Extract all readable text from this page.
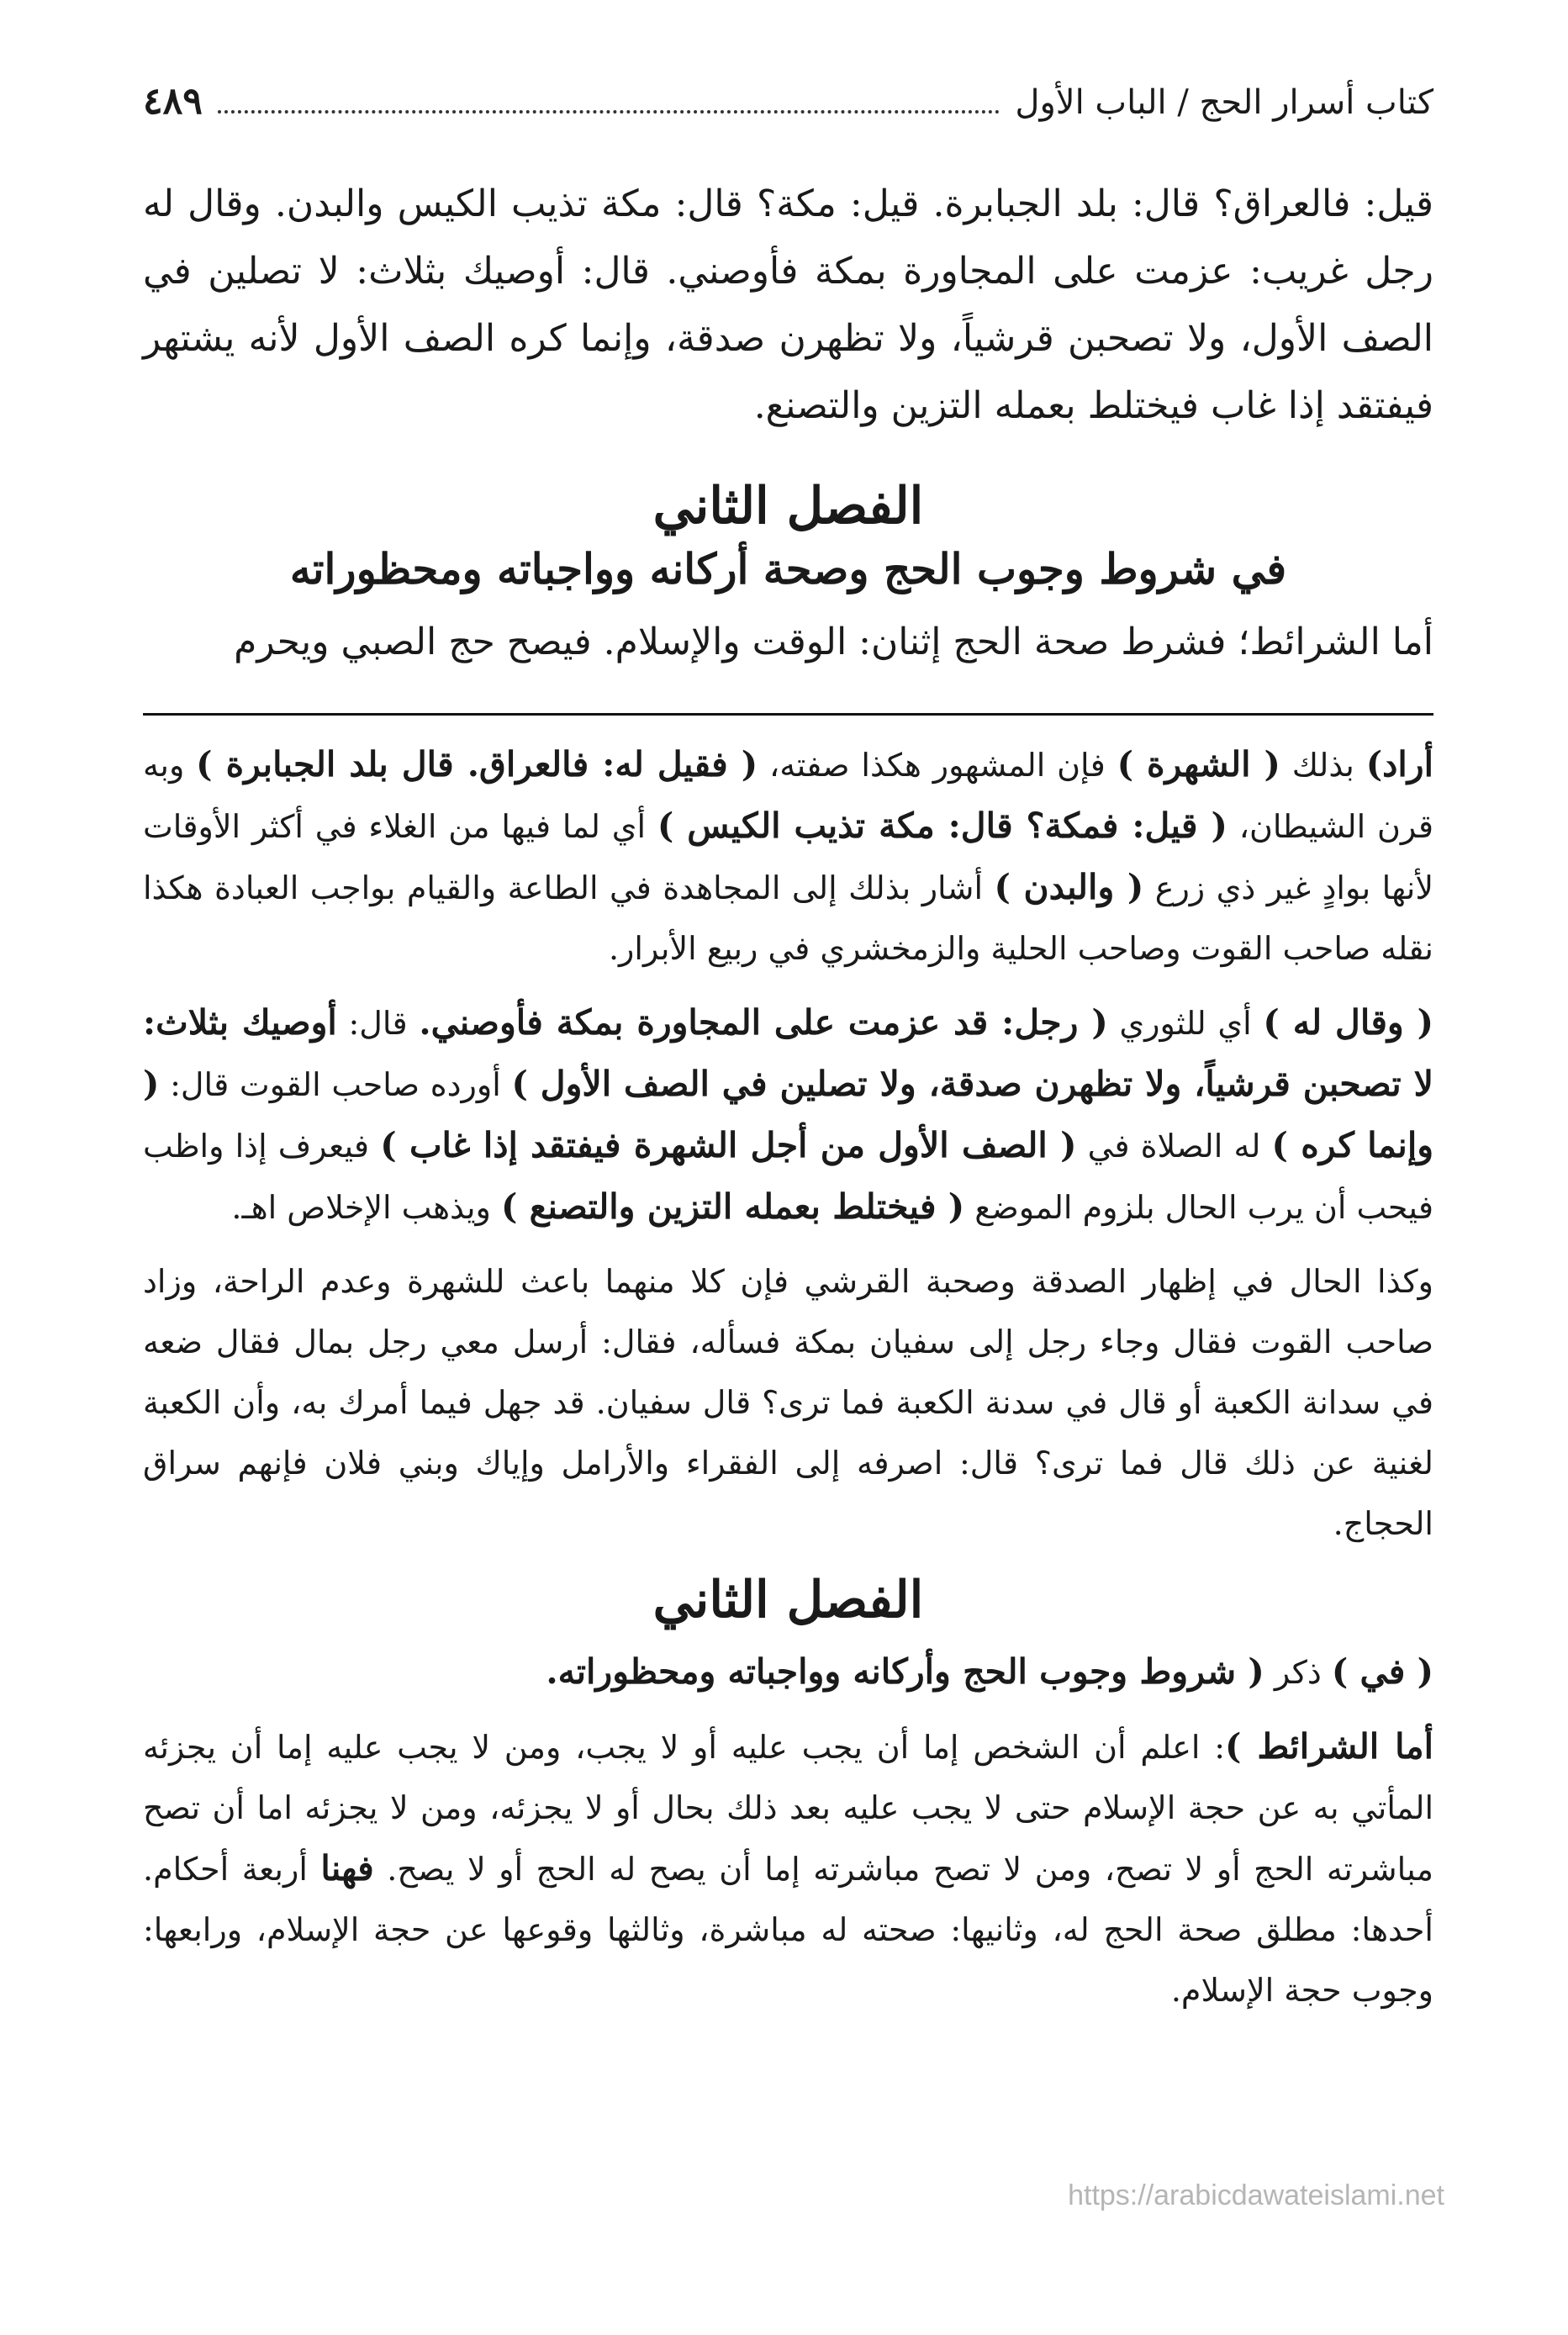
كتاب أسرار الحج / الباب الأول
٤٨٩

قيل: فالعراق؟ قال: بلد الجبابرة. قيل: مكة؟ قال: مكة تذيب الكيس والبدن. وقال له رجل غريب: عزمت على المجاورة بمكة فأوصني. قال: أوصيك بثلاث: لا تصلين في الصف الأول، ولا تصحبن قرشياً، ولا تظهرن صدقة، وإنما كره الصف الأول لأنه يشتهر فيفتقد إذا غاب فيختلط بعمله التزين والتصنع.

الفصل الثاني
في شروط وجوب الحج وصحة أركانه وواجباته ومحظوراته

أما الشرائط؛ فشرط صحة الحج إثنان: الوقت والإسلام. فيصح حج الصبي ويحرم

أراد) بذلك ( الشهرة ) فإن المشهور هكذا صفته، ( فقيل له: فالعراق. قال بلد الجبابرة ) وبه قرن الشيطان، ( قيل: فمكة؟ قال: مكة تذيب الكيس ) أي لما فيها من الغلاء في أكثر الأوقات لأنها بوادٍ غير ذي زرع ( والبدن ) أشار بذلك إلى المجاهدة في الطاعة والقيام بواجب العبادة هكذا نقله صاحب القوت وصاحب الحلية والزمخشري في ربيع الأبرار.

( وقال له ) أي للثوري ( رجل: قد عزمت على المجاورة بمكة فأوصني. قال: أوصيك بثلاث: لا تصحبن قرشياً، ولا تظهرن صدقة، ولا تصلين في الصف الأول ) أورده صاحب القوت قال: ( وإنما كره ) له الصلاة في ( الصف الأول من أجل الشهرة فيفتقد إذا غاب ) فيعرف إذا واظب فيحب أن يرب الحال بلزوم الموضع ( فيختلط بعمله التزين والتصنع ) ويذهب الإخلاص اهـ.

وكذا الحال في إظهار الصدقة وصحبة القرشي فإن كلا منهما باعث للشهرة وعدم الراحة، وزاد صاحب القوت فقال وجاء رجل إلى سفيان بمكة فسأله، فقال: أرسل معي رجل بمال فقال ضعه في سدانة الكعبة أو قال في سدنة الكعبة فما ترى؟ قال سفيان. قد جهل فيما أمرك به، وأن الكعبة لغنية عن ذلك قال فما ترى؟ قال: اصرفه إلى الفقراء والأرامل وإياك وبني فلان فإنهم سراق الحجاج.

الفصل الثاني

( في ) ذكر ( شروط وجوب الحج وأركانه وواجباته ومحظوراته.

أما الشرائط ): اعلم أن الشخص إما أن يجب عليه أو لا يجب، ومن لا يجب عليه إما أن يجزئه المأتي به عن حجة الإسلام حتى لا يجب عليه بعد ذلك بحال أو لا يجزئه، ومن لا يجزئه اما أن تصح مباشرته الحج أو لا تصح، ومن لا تصح مباشرته إما أن يصح له الحج أو لا يصح. فهنا أربعة أحكام. أحدها: مطلق صحة الحج له، وثانيها: صحته له مباشرة، وثالثها وقوعها عن حجة الإسلام، ورابعها: وجوب حجة الإسلام.

https://arabicdawateislami.net
